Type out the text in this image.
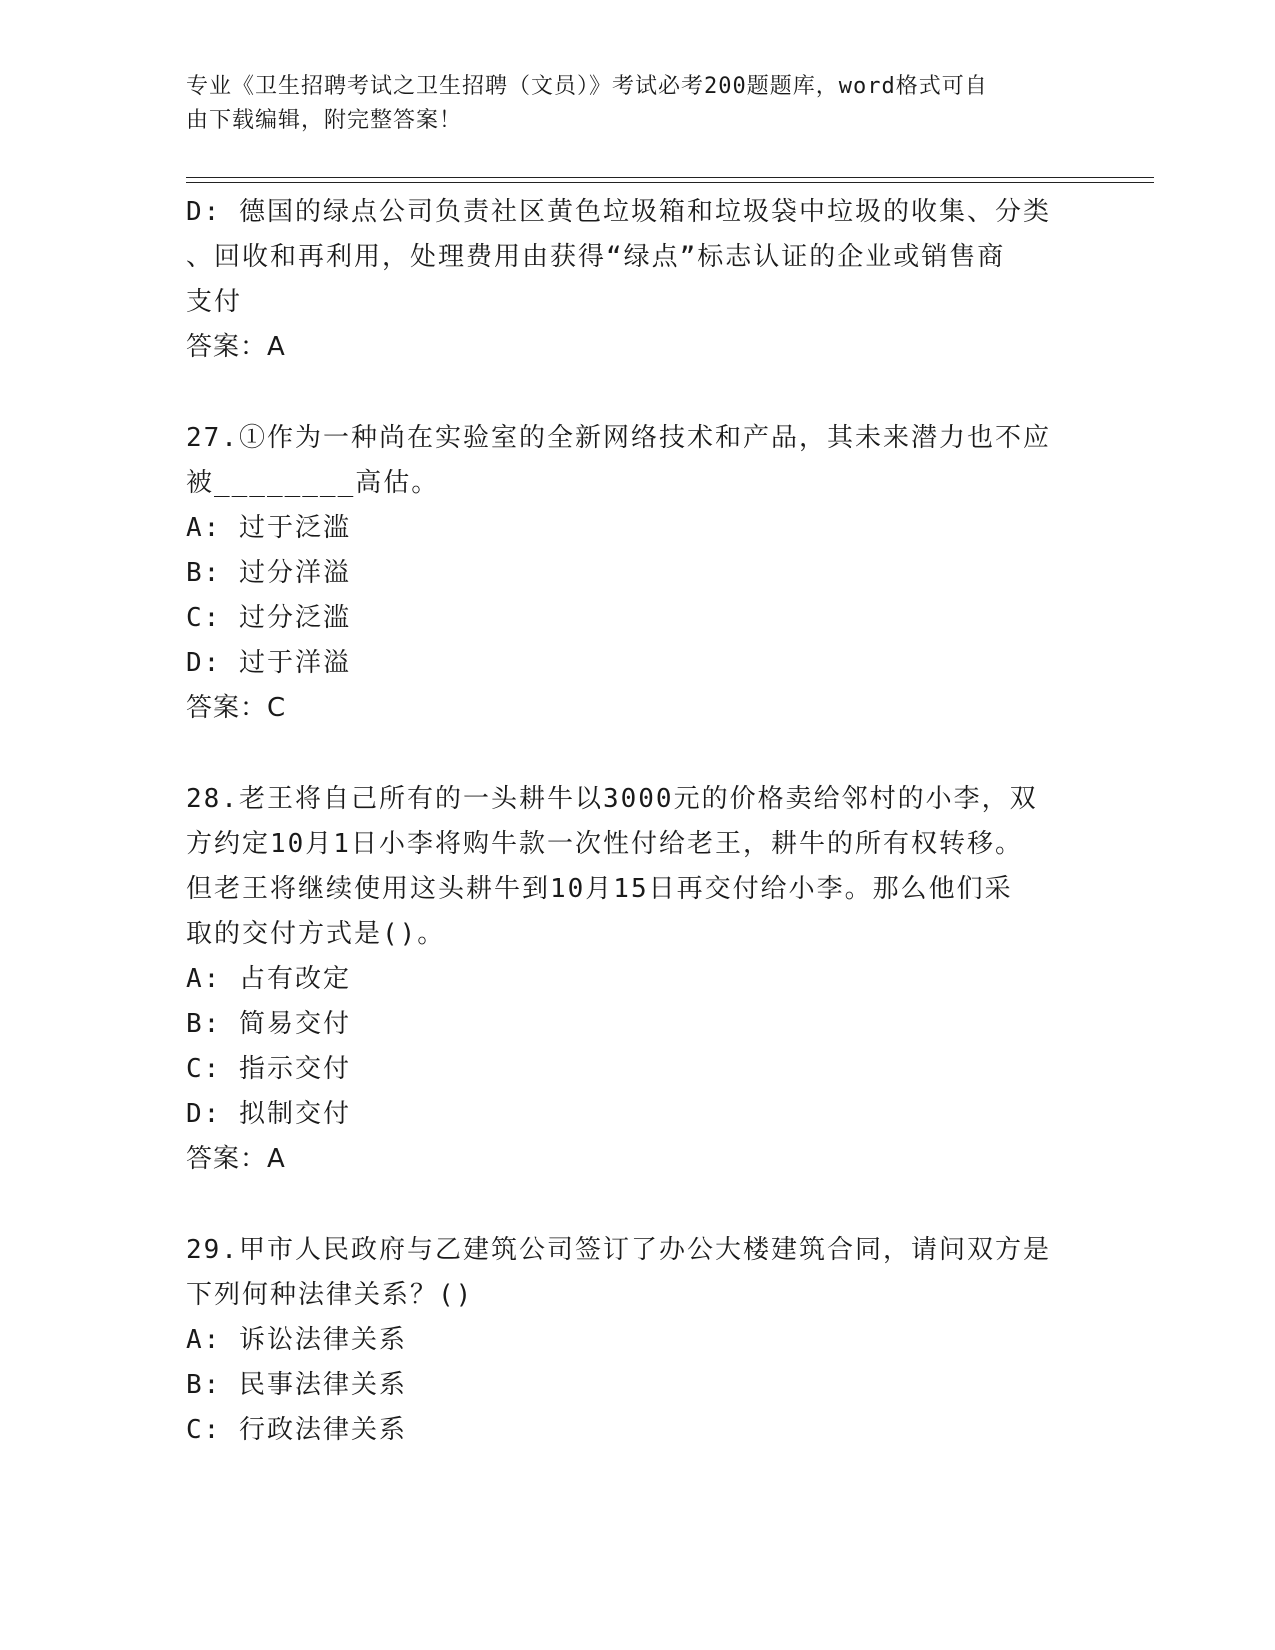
专业《卫生招聘考试之卫生招聘（文员）》考试必考200题题库，word格式可自
由下载编辑，附完整答案！
D: 德国的绿点公司负责社区黄色垃圾箱和垃圾袋中垃圾的收集、分类
、回收和再利用，处理费用由获得“绿点”标志认证的企业或销售商
支付
答案：A
27.①作为一种尚在实验室的全新网络技术和产品，其未来潜力也不应
被________高估。
A: 过于泛滥
B: 过分洋溢
C: 过分泛滥
D: 过于洋溢
答案：C
28.老王将自己所有的一头耕牛以3000元的价格卖给邻村的小李，双
方约定10月1日小李将购牛款一次性付给老王，耕牛的所有权转移。
但老王将继续使用这头耕牛到10月15日再交付给小李。那么他们采
取的交付方式是()。
A: 占有改定
B: 简易交付
C: 指示交付
D: 拟制交付
答案：A
29.甲市人民政府与乙建筑公司签订了办公大楼建筑合同，请问双方是
下列何种法律关系？()
A: 诉讼法律关系
B: 民事法律关系
C: 行政法律关系
